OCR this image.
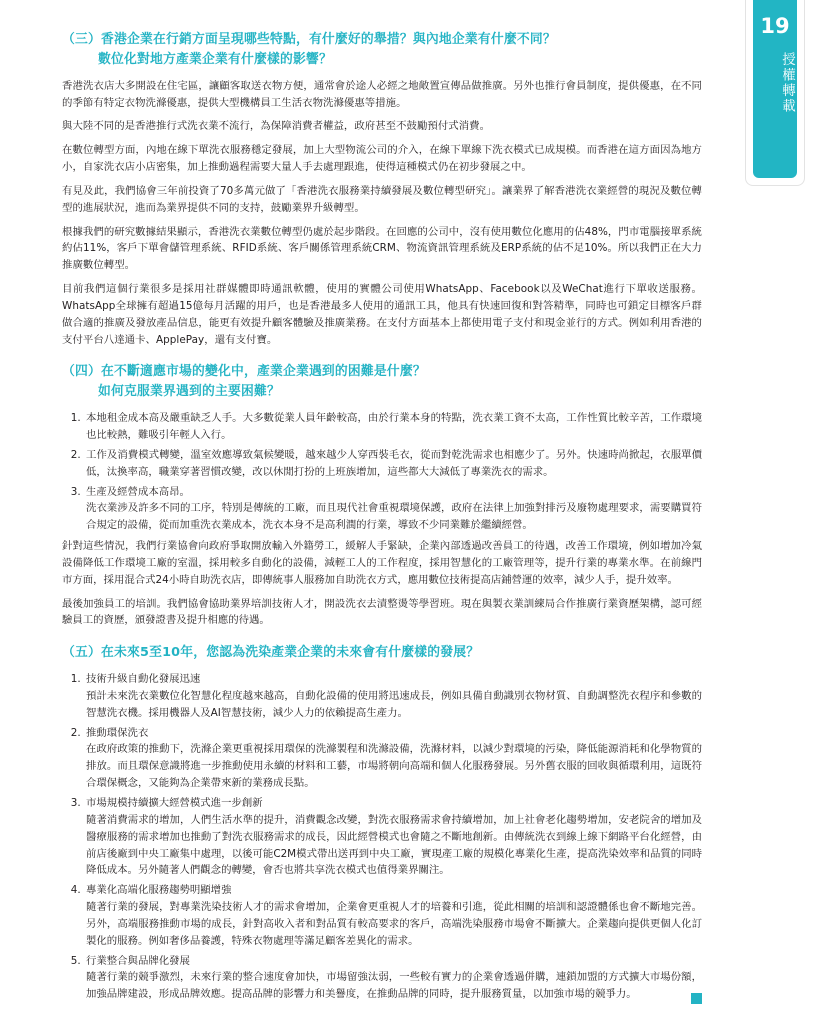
19
授權轉載
（三）香港企業在行銷方面呈現哪些特點，有什麼好的舉措？與內地企業有什麼不同？
數位化對地方產業企業有什麼樣的影響？

香港洗衣店大多開設在住宅區，讓顧客取送衣物方便，通常會於途人必經之地敞置宣傳品做推廣。另外也推行會員制度，提供優惠，在不同的季節有特定衣物洗滌優惠，提供大型機構員工生活衣物洗滌優惠等措施。

與大陸不同的是香港推行式洗衣業不流行，為保障消費者權益，政府甚至不鼓勵預付式消費。

在數位轉型方面，內地在線下單洗衣服務穩定發展，加上大型物流公司的介入，在線下單線下洗衣模式已成規模。而香港在這方面因為地方小，自家洗衣店小店密集，加上推動過程需要大量人手去處理跟進，使得這種模式仍在初步發展之中。

有見及此，我們協會三年前投資了70多萬元做了「香港洗衣服務業持續發展及數位轉型研究」。讓業界了解香港洗衣業經營的現況及數位轉型的進展狀況，進而為業界提供不同的支持，鼓勵業界升級轉型。

根據我們的研究數據結果顯示，香港洗衣業數位轉型仍處於起步階段。在回應的公司中，沒有使用數位化應用的佔48%，門市電腦接單系統約佔11%，客戶下單會儲管理系統、RFID系統、客戶關係管理系統CRM、物流資訊管理系統及ERP系統的佔不足10%。所以我們正在大力推廣數位轉型。

目前我們這個行業很多是採用社群媒體即時通訊軟體，使用的實體公司使用WhatsApp、Facebook以及WeChat進行下單收送服務。WhatsApp全球擁有超過15億每月活躍的用戶，也是香港最多人使用的通訊工具，他具有快速回復和對答精準，同時也可鎖定目標客戶群做合適的推廣及發放產品信息，能更有效提升顧客體驗及推廣業務。在支付方面基本上都使用電子支付和現金並行的方式。例如利用香港的支付平台八達通卡、ApplePay，還有支付寶。

（四）在不斷適應市場的變化中，產業企業遇到的困難是什麼？
如何克服業界遇到的主要困難？
1. 本地租金成本高及嚴重缺乏人手。大多數從業人員年齡較高，由於行業本身的特點，洗衣業工資不太高，工作性質比較辛苦，工作環境也比較熱，難吸引年輕人入行。
2. 工作及消費模式轉變，溫室效應導致氣候變暖，越來越少人穿西裝毛衣，從而對乾洗需求也相應少了。另外。快速時尚掀起，衣服單價低，汰換率高，職業穿著習慣改變，改以休閒打扮的上班族增加，這些都大大減低了專業洗衣的需求。
3. 生產及經營成本高昂。
洗衣業涉及許多不同的工序，特別是傳統的工廠，而且現代社會重視環境保護，政府在法律上加強對排污及廢物處理要求，需要購買符合規定的設備，從而加重洗衣業成本，洗衣本身不是高利潤的行業，導致不少同業難於繼續經營。

針對這些情況，我們行業協會向政府爭取開放輸入外籍勞工，緩解人手緊缺，企業內部透過改善員工的待遇，改善工作環境，例如增加冷氣設備降低工作環境工廠的室溫，採用較多自動化的設備，減輕工人的工作程度，採用智慧化的工廠管理等，提升行業的專業水準。在前線門市方面，採用混合式24小時自助洗衣店，即傳統事人服務加自助洗衣方式，應用數位技術提高店鋪營運的效率，減少人手，提升效率。

最後加強員工的培訓。我們協會協助業界培訓技術人才，開設洗衣去漬整燙等學習班。現在與製衣業訓練局合作推廣行業資歷架構，認可經驗員工的資歷，頒發證書及提升相應的待遇。

（五）在未來5至10年，您認為洗染產業企業的未來會有什麼樣的發展？
1. 技術升級自動化發展迅速
預計未來洗衣業數位化智慧化程度越來越高，自動化設備的使用將迅速成長，例如具備自動識別衣物材質、自動調整洗衣程序和參數的智慧洗衣機。採用機器人及AI智慧技術，減少人力的依賴提高生產力。
2. 推動環保洗衣
在政府政策的推動下，洗滌企業更重視採用環保的洗滌製程和洗滌設備，洗滌材料，以減少對環境的污染，降低能源消耗和化學物質的排放。而且環保意識將進一步推動使用永續的材料和工藝，市場將朝向高端和個人化服務發展。另外舊衣服的回收與循環利用，這既符合環保概念，又能夠為企業帶來新的業務成長點。
3. 市場規模持續擴大經營模式進一步創新
隨著消費需求的增加，人們生活水準的提升，消費觀念改變，對洗衣服務需求會持續增加，加上社會老化趨勢增加，安老院舍的增加及醫療服務的需求增加也推動了對洗衣服務需求的成長，因此經營模式也會隨之不斷地創新。由傳統洗衣到線上線下網路平台化經營，由前店後廠到中央工廠集中處理，以後可能C2M模式帶出送再到中央工廠，實現產工廠的規模化專業化生產，提高洗染效率和品質的同時降低成本。另外隨著人們觀念的轉變，會否也將共享洗衣模式也值得業界關注。
4. 專業化高端化服務趨勢明顯增強
隨著行業的發展，對專業洗染技術人才的需求會增加，企業會更重視人才的培養和引進，從此相關的培訓和認證體係也會不斷地完善。 另外，高端服務推動市場的成長，針對高收入者和對品質有較高要求的客戶，高端洗染服務市場會不斷擴大。企業趨向提供更個人化訂製化的服務。例如奢侈品養護，特殊衣物處理等滿足顧客差異化的需求。
5. 行業整合與品牌化發展
隨著行業的競爭激烈，未來行業的整合速度會加快，市場留強汰弱，一些較有實力的企業會透過併購，連鎖加盟的方式擴大市場份額，加強品牌建設，形成品牌效應。提高品牌的影響力和美譽度，在推動品牌的同時，提升服務質量，以加強市場的競爭力。
